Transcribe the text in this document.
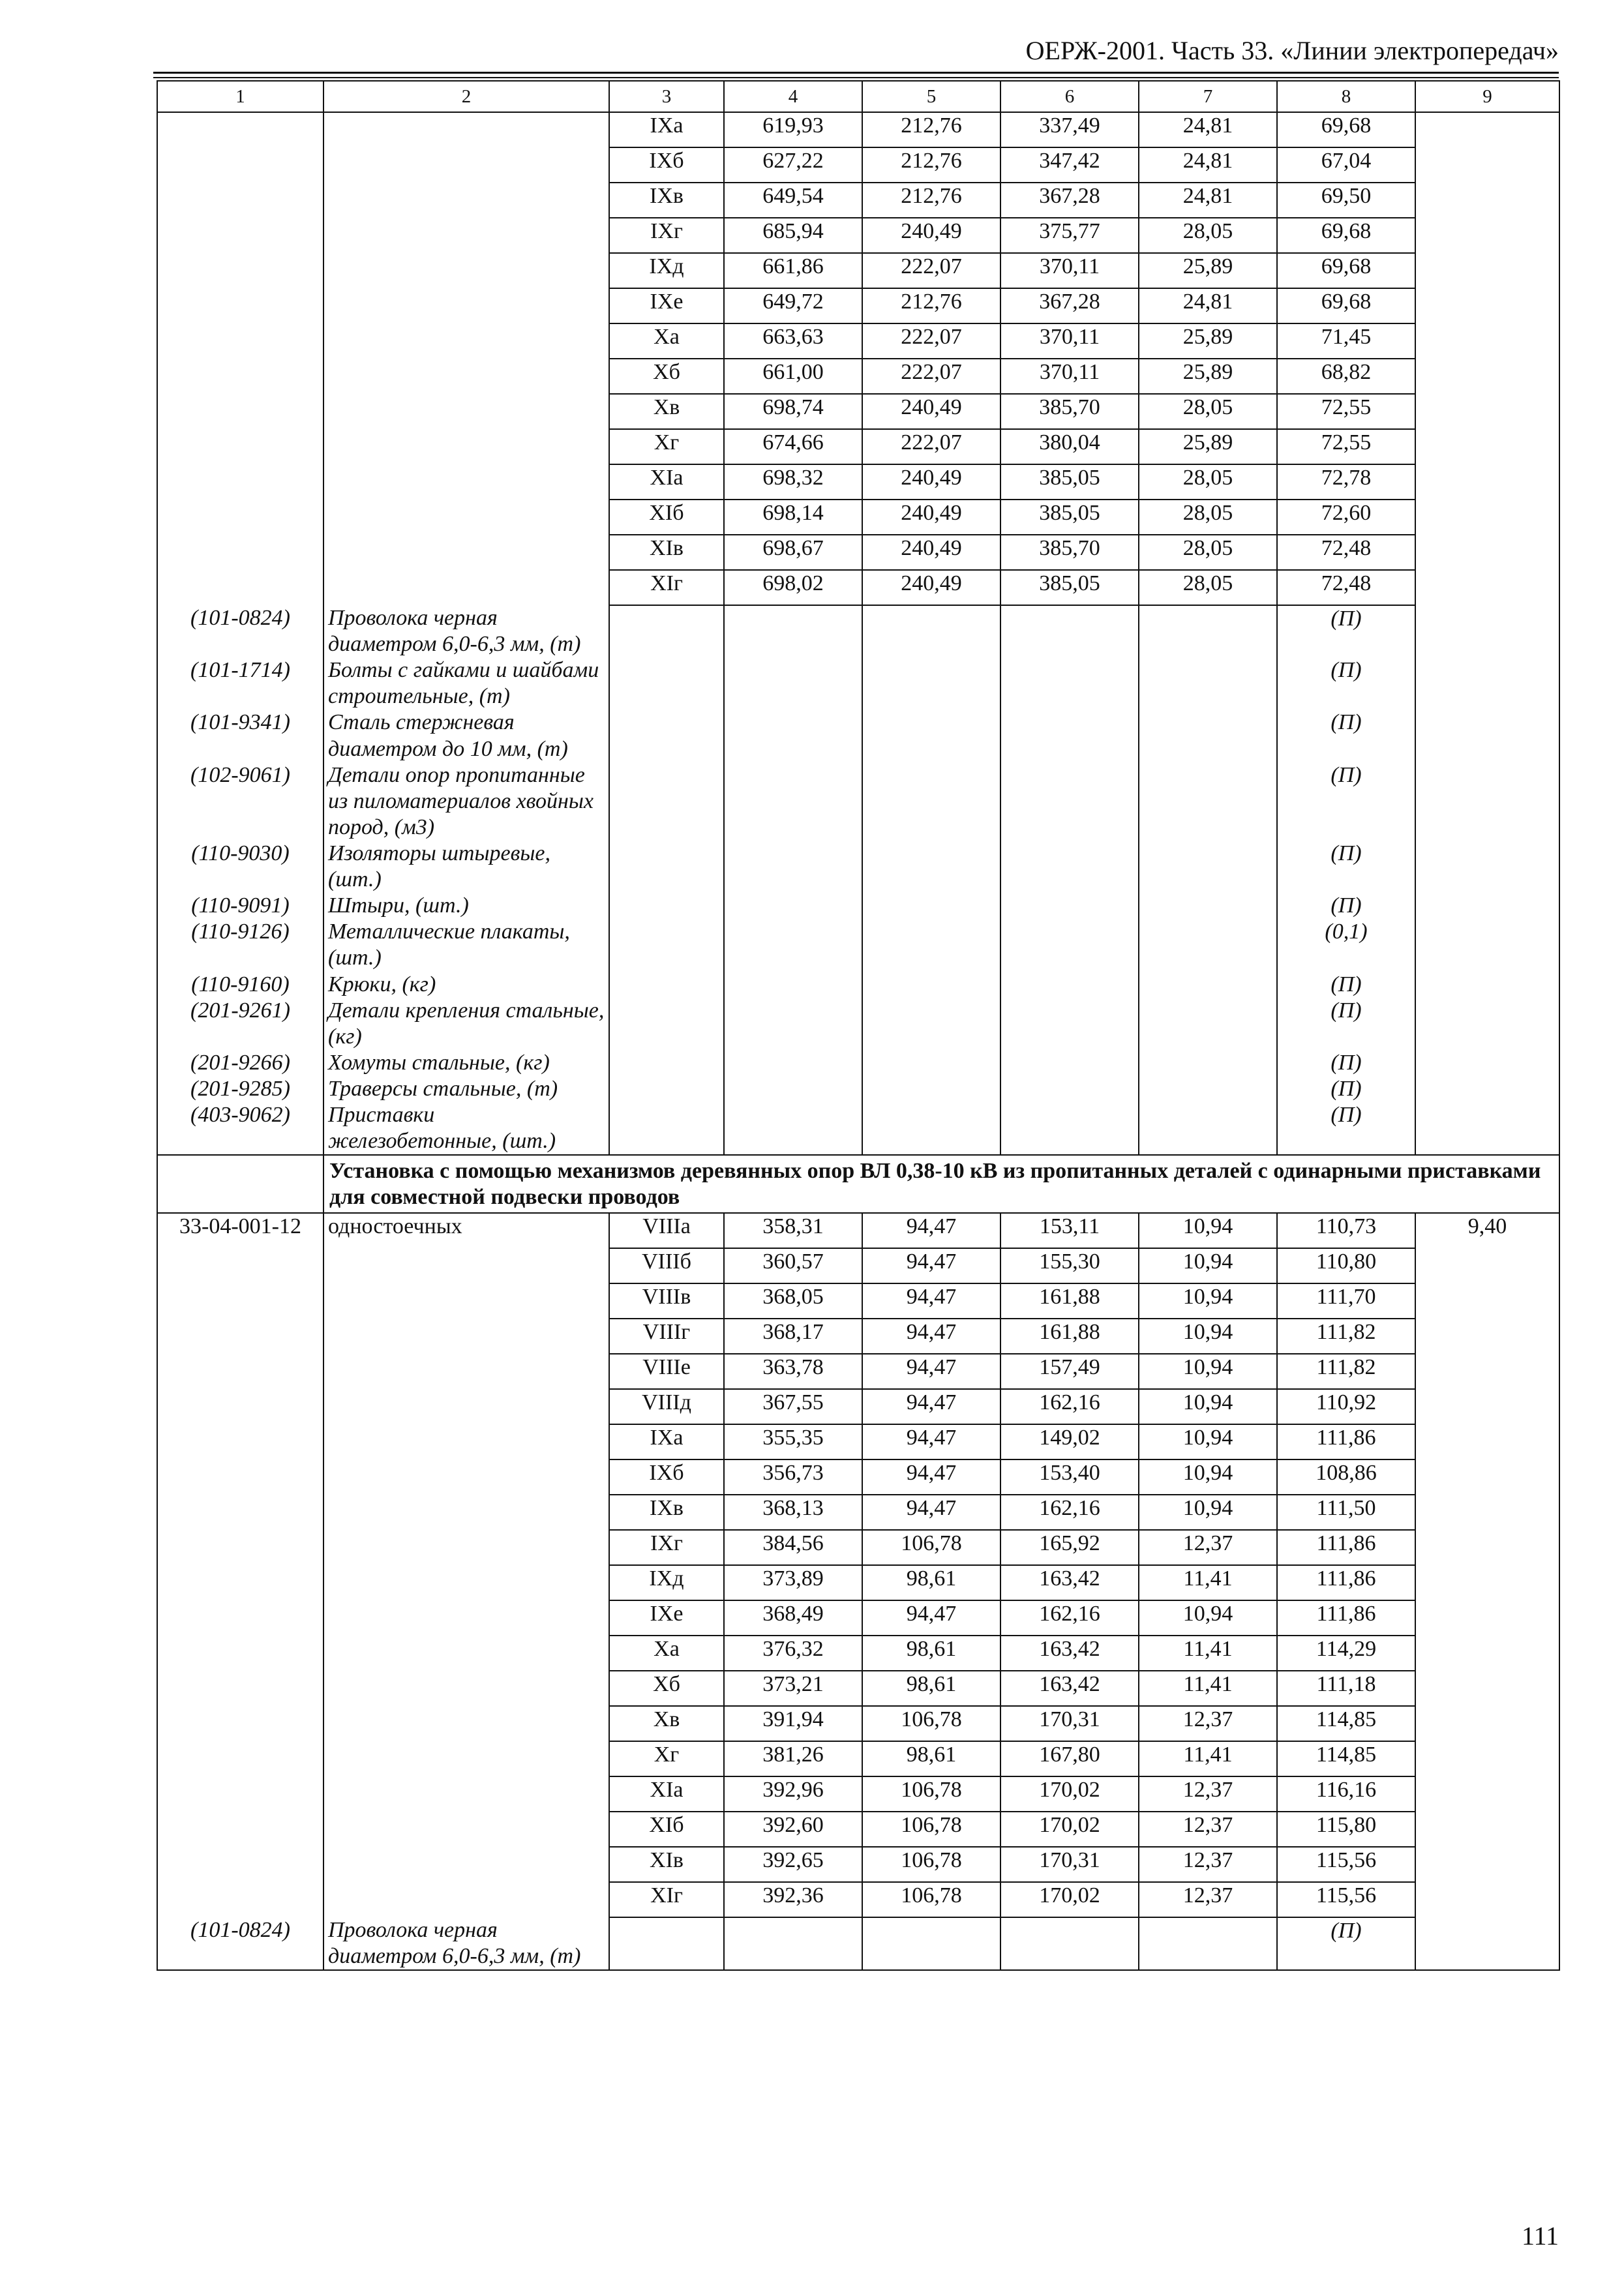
ОЕРЖ-2001. Часть 33. «Линии электропередач»
1	2	3	4	5	6	7	8	9
		IXа	619,93	212,76	337,49	24,81	69,68	
		IXб	627,22	212,76	347,42	24,81	67,04	
		IXв	649,54	212,76	367,28	24,81	69,50	
		IXг	685,94	240,49	375,77	28,05	69,68	
		IXд	661,86	222,07	370,11	25,89	69,68	
		IXе	649,72	212,76	367,28	24,81	69,68	
		Xа	663,63	222,07	370,11	25,89	71,45	
		Xб	661,00	222,07	370,11	25,89	68,82	
		Xв	698,74	240,49	385,70	28,05	72,55	
		Xг	674,66	222,07	380,04	25,89	72,55	
		XIа	698,32	240,49	385,05	28,05	72,78	
		XIб	698,14	240,49	385,05	28,05	72,60	
		XIв	698,67	240,49	385,70	28,05	72,48	
		XIг	698,02	240,49	385,05	28,05	72,48	
(101-0824)	Проволока черная диаметром 6,0-6,3 мм, (т)						(П)	
(101-1714)	Болты с гайками и шайбами строительные, (т)						(П)	
(101-9341)	Сталь стержневая диаметром до 10 мм, (т)						(П)	
(102-9061)	Детали опор пропитанные из пиломатериалов хвойных пород, (м3)						(П)	
(110-9030)	Изоляторы штыревые, (шт.)						(П)	
(110-9091)	Штыри, (шт.)						(П)	
(110-9126)	Металлические плакаты, (шт.)						(0,1)	
(110-9160)	Крюки, (кг)						(П)	
(201-9261)	Детали крепления стальные, (кг)						(П)	
(201-9266)	Хомуты стальные, (кг)						(П)	
(201-9285)	Траверсы стальные, (т)						(П)	
(403-9062)	Приставки железобетонные, (шт.)						(П)	
	Установка с помощью механизмов деревянных опор ВЛ 0,38-10 кВ из пропитанных деталей с одинарными приставками для совместной подвески проводов							
33-04-001-12	одностоечных	VIIIа	358,31	94,47	153,11	10,94	110,73	9,40
		VIIIб	360,57	94,47	155,30	10,94	110,80	
		VIIIв	368,05	94,47	161,88	10,94	111,70	
		VIIIг	368,17	94,47	161,88	10,94	111,82	
		VIIIе	363,78	94,47	157,49	10,94	111,82	
		VIIIд	367,55	94,47	162,16	10,94	110,92	
		IXа	355,35	94,47	149,02	10,94	111,86	
		IXб	356,73	94,47	153,40	10,94	108,86	
		IXв	368,13	94,47	162,16	10,94	111,50	
		IXг	384,56	106,78	165,92	12,37	111,86	
		IXд	373,89	98,61	163,42	11,41	111,86	
		IXе	368,49	94,47	162,16	10,94	111,86	
		Xа	376,32	98,61	163,42	11,41	114,29	
		Xб	373,21	98,61	163,42	11,41	111,18	
		Xв	391,94	106,78	170,31	12,37	114,85	
		Xг	381,26	98,61	167,80	11,41	114,85	
		XIа	392,96	106,78	170,02	12,37	116,16	
		XIб	392,60	106,78	170,02	12,37	115,80	
		XIв	392,65	106,78	170,31	12,37	115,56	
		XIг	392,36	106,78	170,02	12,37	115,56	
(101-0824)	Проволока черная диаметром 6,0-6,3 мм, (т)						(П)	
111
